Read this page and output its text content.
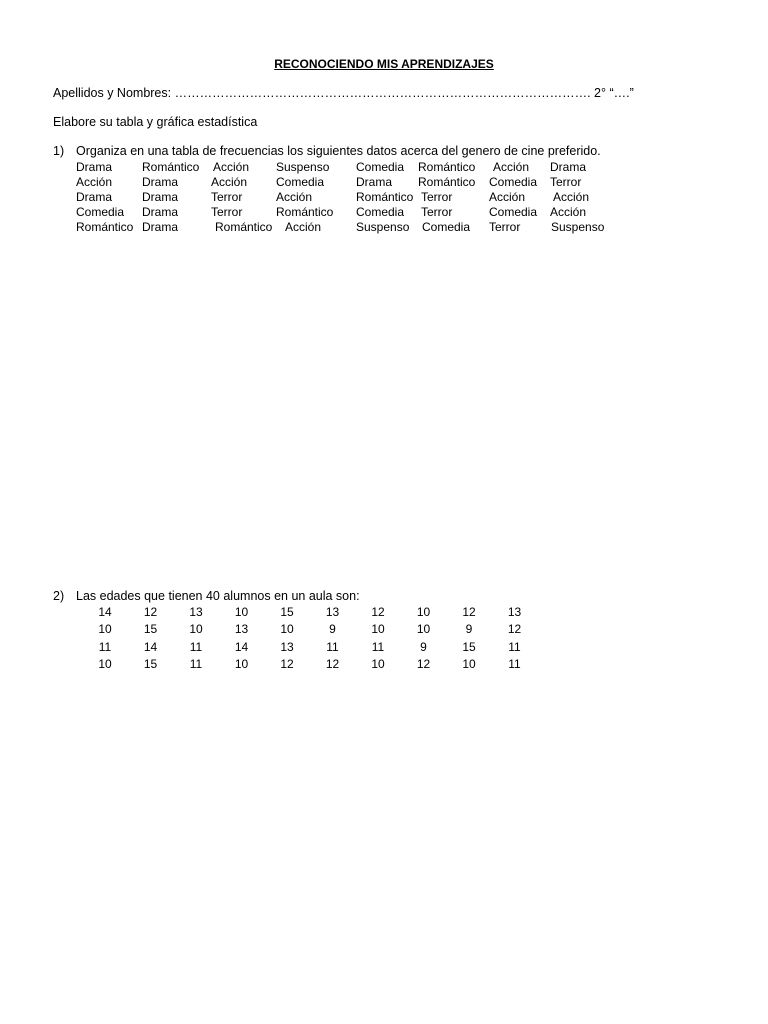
RECONOCIENDO MIS APRENDIZAJES
Apellidos y Nombres: ………………………………………………………………………………………. 2° “….”
Elabore su tabla y gráfica estadística
1) Organiza en una tabla de frecuencias los siguientes datos acerca del genero de cine preferido.
Drama Romántico Acción Suspenso Comedia Romántico Acción Drama
Acción Drama	Acción Comedia	Drama Romántico Comedia Terror
Drama Drama	Terror	Acción	Romántico Terror	Acción Acción
Comedia Drama	Terror	Romántico Comedia Terror	Comedia Acción
Romántico Drama	Romántico Acción	Suspenso Comedia Terror	Suspenso
2) Las edades que tienen 40 alumnos en un aula son:
14	12	13	10	15	13	12	10	12	13
10	15	10	13	10	9	10	10	9	12
11	14	11	14	13	11	11	9	15	11
10	15	11	10	12	12	10	12	10	11
